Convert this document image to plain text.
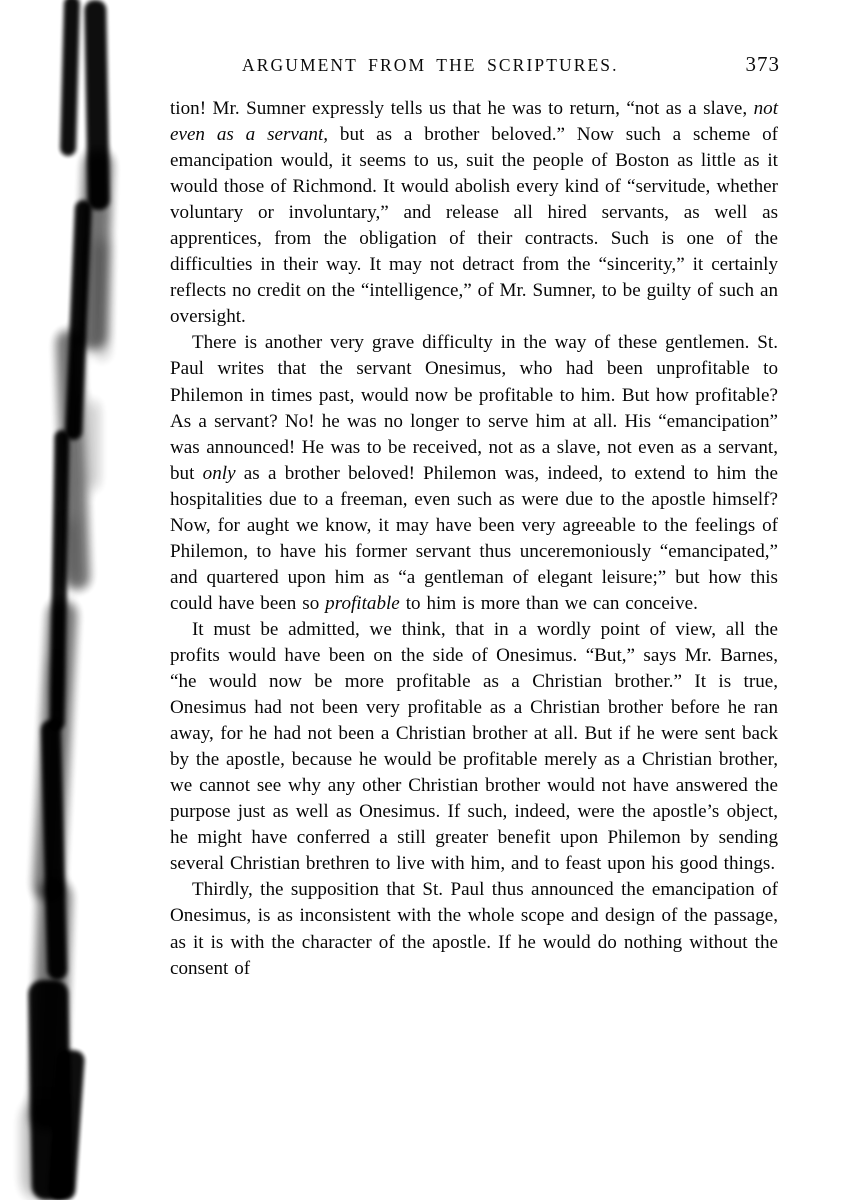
ARGUMENT FROM THE SCRIPTURES.	373

tion! Mr. Sumner expressly tells us that he was to return, “not as a slave, not even as a servant, but as a brother beloved.” Now such a scheme of emancipation would, it seems to us, suit the people of Boston as little as it would those of Richmond. It would abolish every kind of “servitude, whether voluntary or involuntary,” and release all hired servants, as well as apprentices, from the obligation of their contracts. Such is one of the difficulties in their way. It may not detract from the “sincerity,” it certainly reflects no credit on the “intelligence,” of Mr. Sumner, to be guilty of such an oversight.

There is another very grave difficulty in the way of these gentlemen. St. Paul writes that the servant Onesimus, who had been unprofitable to Philemon in times past, would now be profitable to him. But how profitable? As a servant? No! he was no longer to serve him at all. His “emancipation” was announced! He was to be received, not as a slave, not even as a servant, but only as a brother beloved! Philemon was, indeed, to extend to him the hospitalities due to a freeman, even such as were due to the apostle himself? Now, for aught we know, it may have been very agreeable to the feelings of Philemon, to have his former servant thus unceremoniously “emancipated,” and quartered upon him as “a gentleman of elegant leisure;” but how this could have been so profitable to him is more than we can conceive.

It must be admitted, we think, that in a wordly point of view, all the profits would have been on the side of Onesimus. “But,” says Mr. Barnes, “he would now be more profitable as a Christian brother.” It is true, Onesimus had not been very profitable as a Christian brother before he ran away, for he had not been a Christian brother at all. But if he were sent back by the apostle, because he would be profitable merely as a Christian brother, we cannot see why any other Christian brother would not have answered the purpose just as well as Onesimus. If such, indeed, were the apostle’s object, he might have conferred a still greater benefit upon Philemon by sending several Christian brethren to live with him, and to feast upon his good things.

Thirdly, the supposition that St. Paul thus announced the emancipation of Onesimus, is as inconsistent with the whole scope and design of the passage, as it is with the character of the apostle. If he would do nothing without the consent of
